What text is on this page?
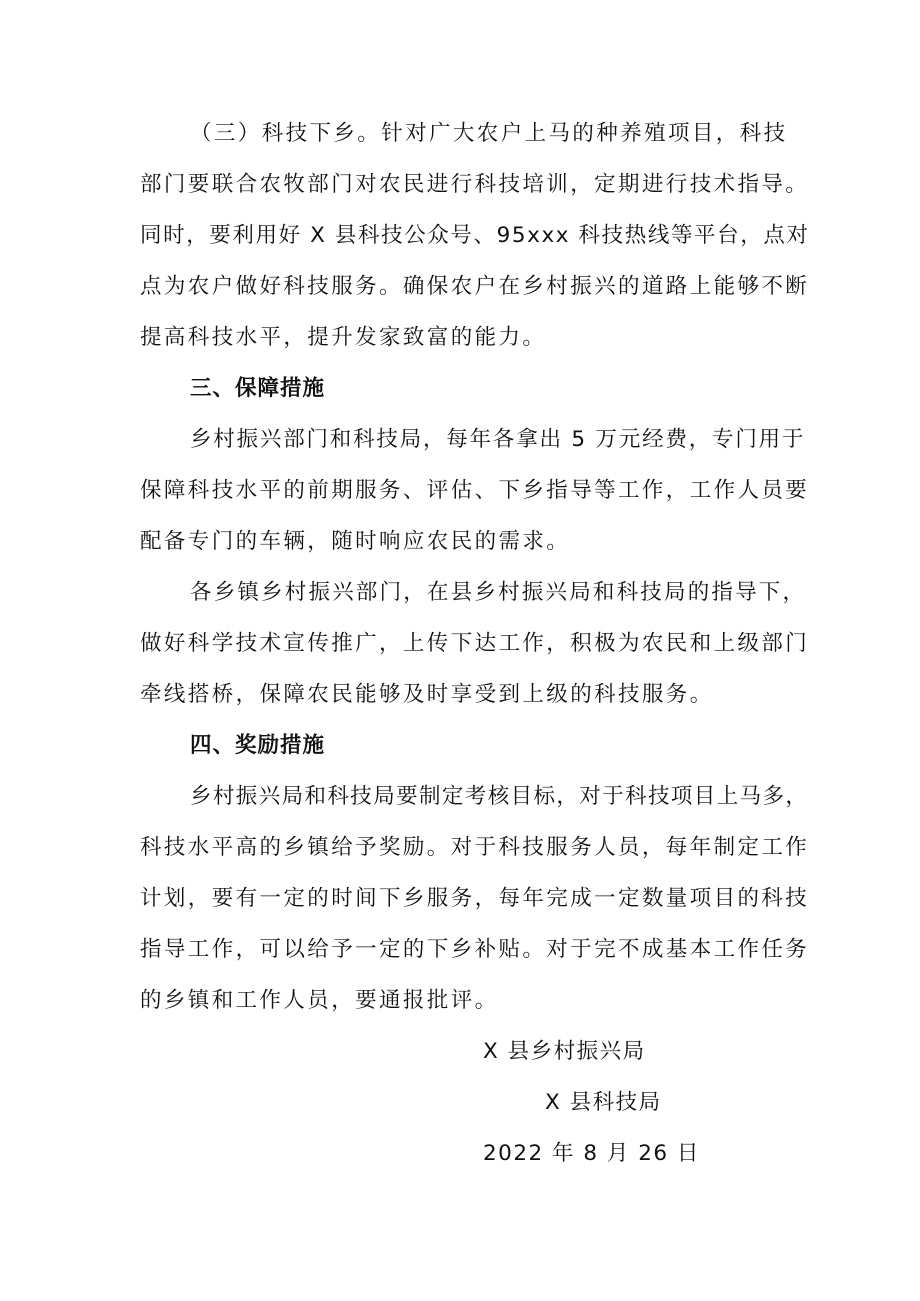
（三）科技下乡。针对广大农户上马的种养殖项目，科技
部门要联合农牧部门对农民进行科技培训，定期进行技术指导。
同时，要利用好 X 县科技公众号、95xxx 科技热线等平台，点对
点为农户做好科技服务。确保农户在乡村振兴的道路上能够不断
提高科技水平，提升发家致富的能力。
三、保障措施
乡村振兴部门和科技局，每年各拿出 5 万元经费，专门用于
保障科技水平的前期服务、评估、下乡指导等工作，工作人员要
配备专门的车辆，随时响应农民的需求。
各乡镇乡村振兴部门，在县乡村振兴局和科技局的指导下，
做好科学技术宣传推广，上传下达工作，积极为农民和上级部门
牵线搭桥，保障农民能够及时享受到上级的科技服务。
四、奖励措施
乡村振兴局和科技局要制定考核目标，对于科技项目上马多，
科技水平高的乡镇给予奖励。对于科技服务人员，每年制定工作
计划，要有一定的时间下乡服务，每年完成一定数量项目的科技
指导工作，可以给予一定的下乡补贴。对于完不成基本工作任务
的乡镇和工作人员，要通报批评。
X 县乡村振兴局
X 县科技局
2022 年 8 月 26 日
